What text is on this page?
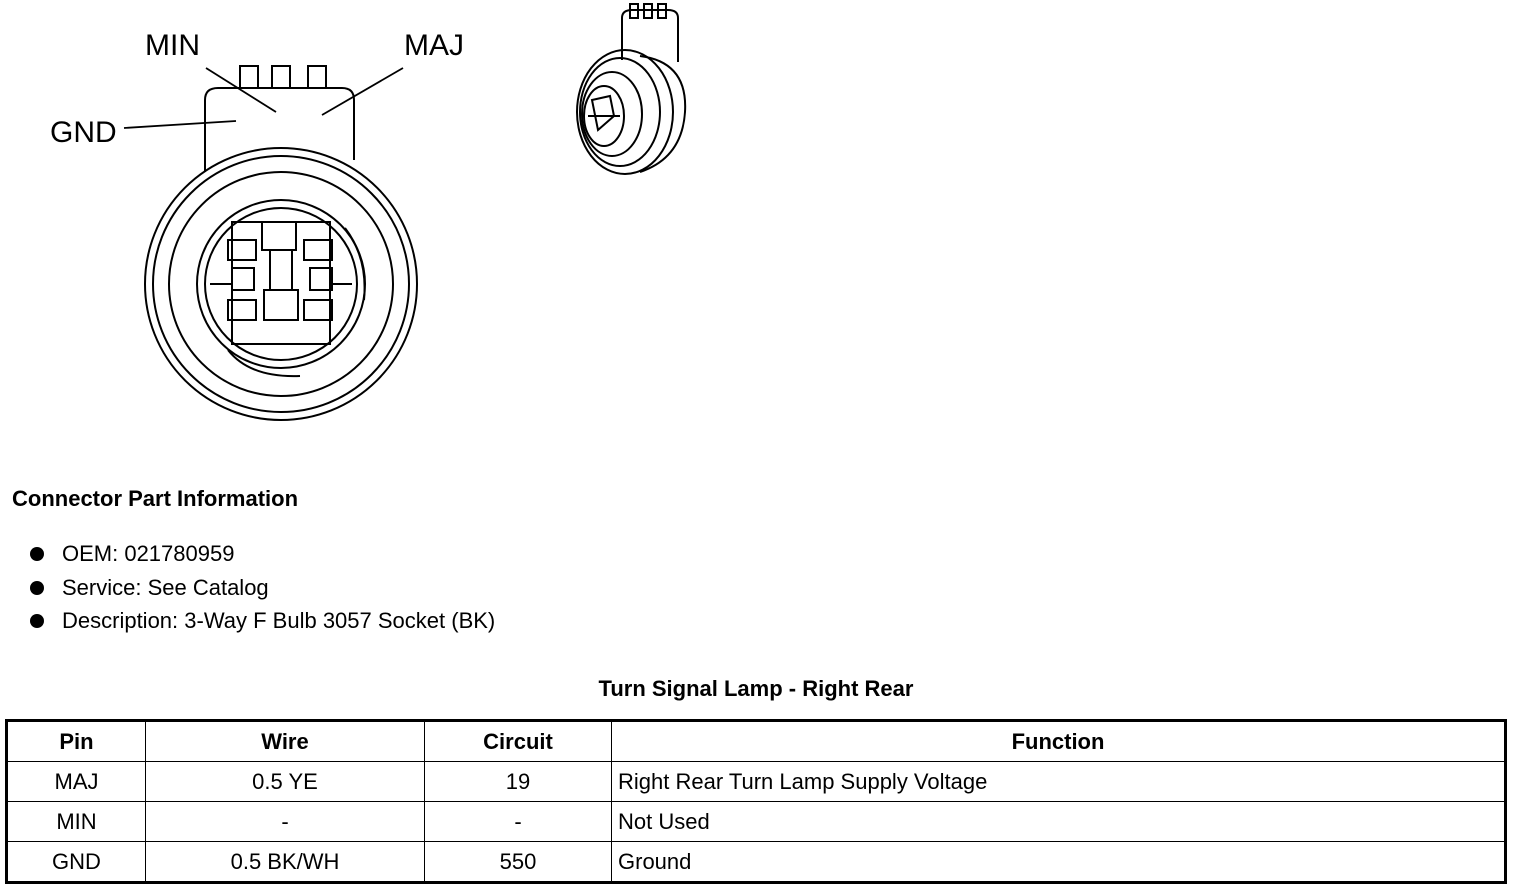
MIN	MAJ
GND
Connector Part Information
OEM: 021780959
Service: See Catalog
Description: 3-Way F Bulb 3057 Socket (BK)
Turn Signal Lamp - Right Rear
Pin	Wire	Circuit	Function
MAJ	0.5 YE	19	Right Rear Turn Lamp Supply Voltage
MIN	-	-	Not Used
GND	0.5 BK/WH	550	Ground
